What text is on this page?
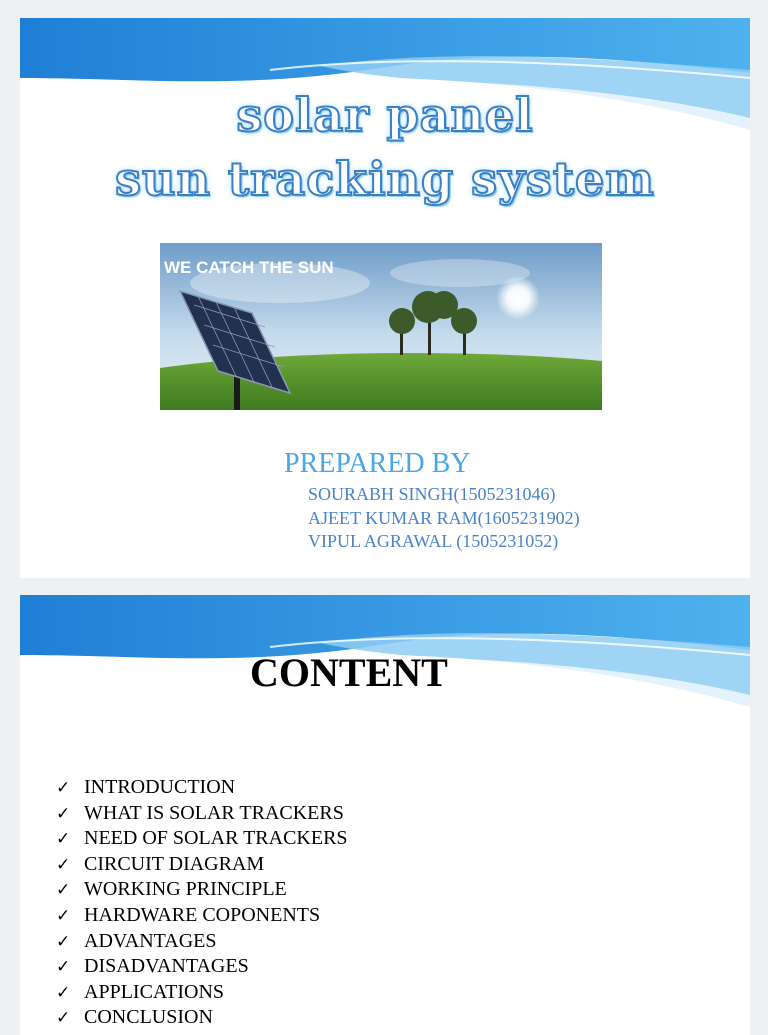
solar panel
sun tracking system
WE CATCH THE SUN
PREPARED BY
SOURABH SINGH(1505231046)
AJEET KUMAR RAM(1605231902)
VIPUL AGRAWAL (1505231052)
CONTENT
✓ INTRODUCTION
✓ WHAT IS SOLAR TRACKERS
✓ NEED OF SOLAR TRACKERS
✓ CIRCUIT DIAGRAM
✓ WORKING PRINCIPLE
✓ HARDWARE COPONENTS
✓ ADVANTAGES
✓ DISADVANTAGES
✓ APPLICATIONS
✓ CONCLUSION
